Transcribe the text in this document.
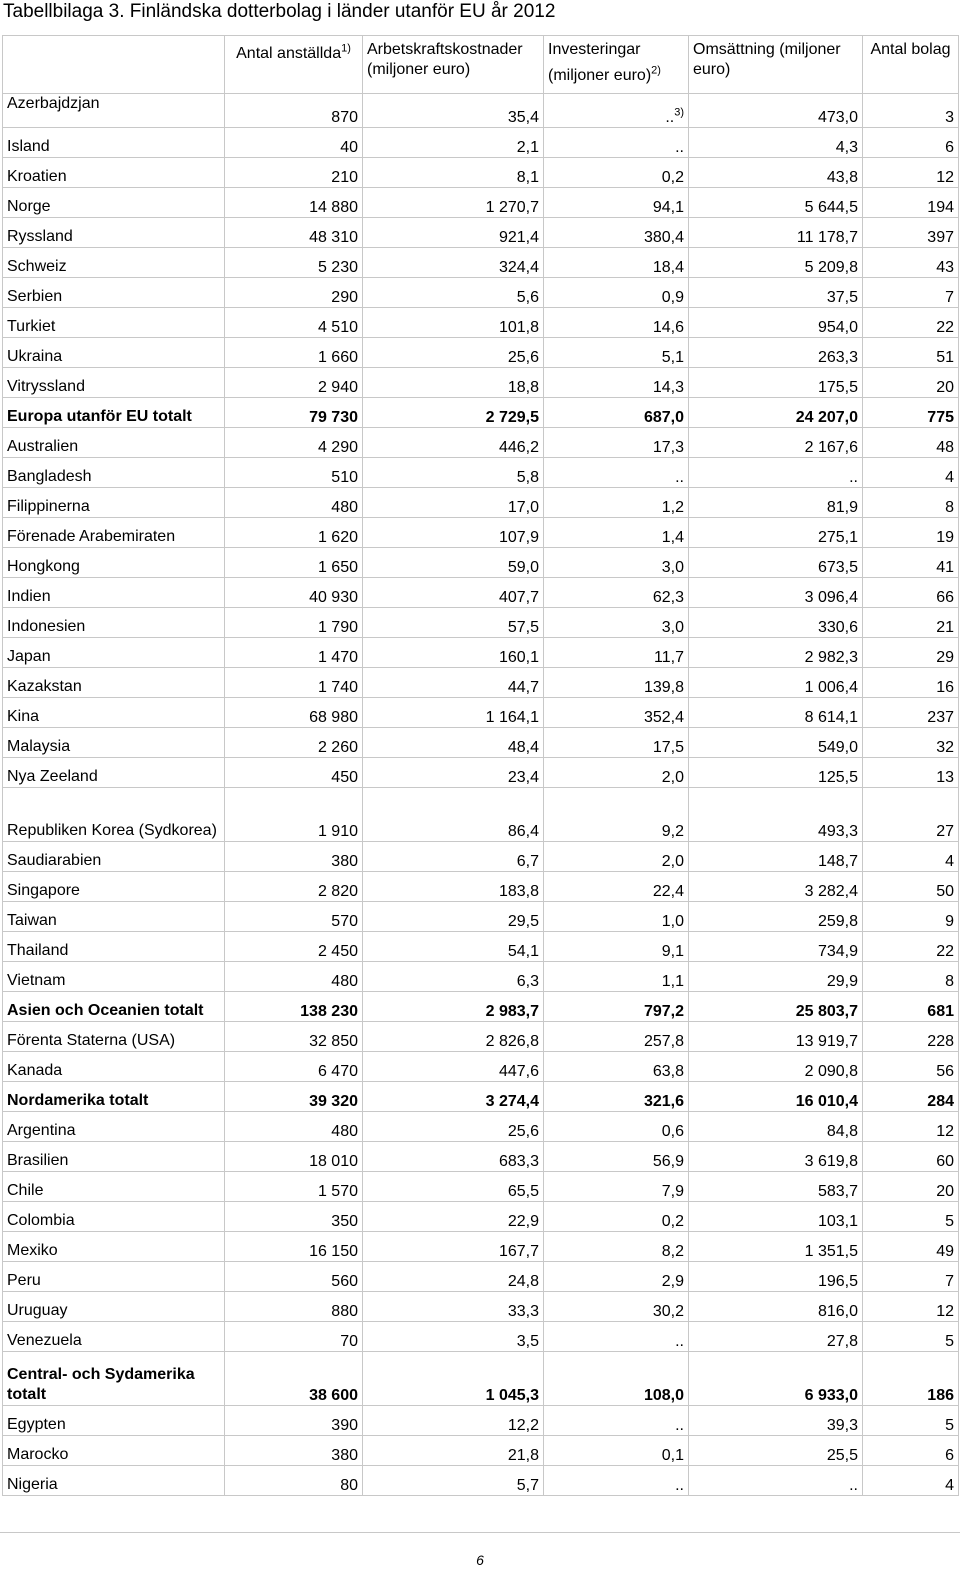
Tabellbilaga 3. Finländska dotterbolag i länder utanför EU år 2012
	Antal anställda$^{1)}$	Arbetskraftskostnader (miljoner euro)	Investeringar
(miljoner euro)$^{2)}$	Omsättning (miljoner euro)	Antal bolag
Azerbajdzjan	870	35,4	..$^{3)}$	473,0	3
Island	40	2,1	..	4,3	6
Kroatien	210	8,1	0,2	43,8	12
Norge	14 880	1 270,7	94,1	5 644,5	194
Ryssland	48 310	921,4	380,4	11 178,7	397
Schweiz	5 230	324,4	18,4	5 209,8	43
Serbien	290	5,6	0,9	37,5	7
Turkiet	4 510	101,8	14,6	954,0	22
Ukraina	1 660	25,6	5,1	263,3	51
Vitryssland	2 940	18,8	14,3	175,5	20
Europa utanför EU totalt	79 730	2 729,5	687,0	24 207,0	775
Australien	4 290	446,2	17,3	2 167,6	48
Bangladesh	510	5,8	..	..	4
Filippinerna	480	17,0	1,2	81,9	8
Förenade Arabemiraten	1 620	107,9	1,4	275,1	19
Hongkong	1 650	59,0	3,0	673,5	41
Indien	40 930	407,7	62,3	3 096,4	66
Indonesien	1 790	57,5	3,0	330,6	21
Japan	1 470	160,1	11,7	2 982,3	29
Kazakstan	1 740	44,7	139,8	1 006,4	16
Kina	68 980	1 164,1	352,4	8 614,1	237
Malaysia	2 260	48,4	17,5	549,0	32
Nya Zeeland	450	23,4	2,0	125,5	13
Republiken Korea (Sydkorea)	1 910	86,4	9,2	493,3	27
Saudiarabien	380	6,7	2,0	148,7	4
Singapore	2 820	183,8	22,4	3 282,4	50
Taiwan	570	29,5	1,0	259,8	9
Thailand	2 450	54,1	9,1	734,9	22
Vietnam	480	6,3	1,1	29,9	8
Asien och Oceanien totalt	138 230	2 983,7	797,2	25 803,7	681
Förenta Staterna (USA)	32 850	2 826,8	257,8	13 919,7	228
Kanada	6 470	447,6	63,8	2 090,8	56
Nordamerika totalt	39 320	3 274,4	321,6	16 010,4	284
Argentina	480	25,6	0,6	84,8	12
Brasilien	18 010	683,3	56,9	3 619,8	60
Chile	1 570	65,5	7,9	583,7	20
Colombia	350	22,9	0,2	103,1	5
Mexiko	16 150	167,7	8,2	1 351,5	49
Peru	560	24,8	2,9	196,5	7
Uruguay	880	33,3	30,2	816,0	12
Venezuela	70	3,5	..	27,8	5
Central- och Sydamerika totalt	38 600	1 045,3	108,0	6 933,0	186
Egypten	390	12,2	..	39,3	5
Marocko	380	21,8	0,1	25,5	6
Nigeria	80	5,7	..	..	4
6
